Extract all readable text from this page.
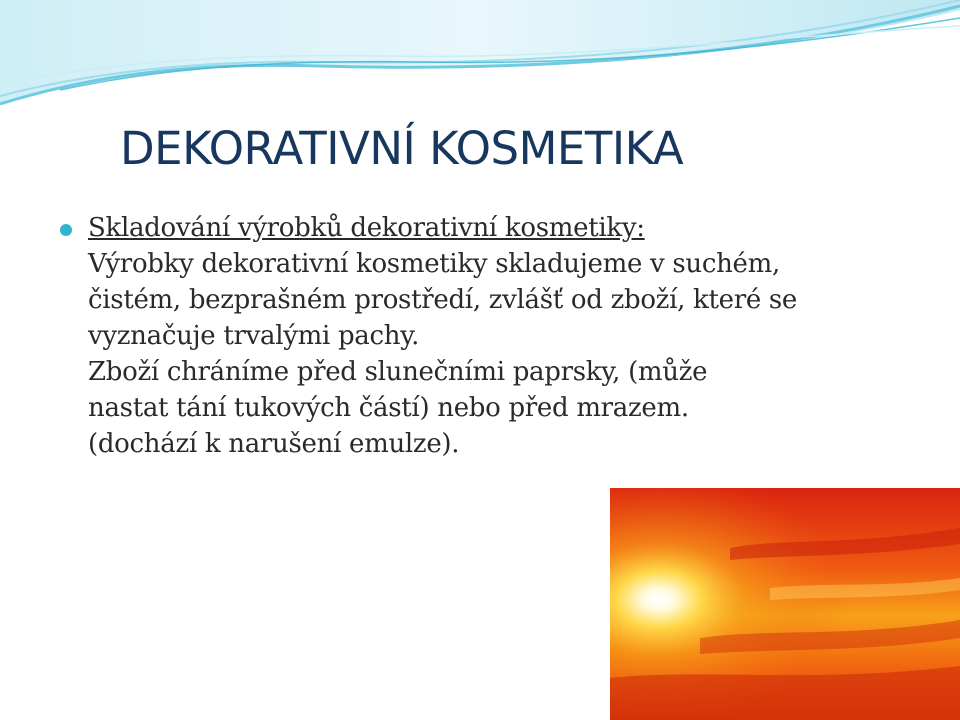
DEKORATIVNÍ KOSMETIKA
Skladování výrobků dekorativní kosmetiky:
Výrobky dekorativní kosmetiky skladujeme v suchém,
čistém, bezprašném prostředí, zvlášť od zboží, které se
vyznačuje trvalými pachy.
Zboží chráníme před slunečními paprsky, (může
nastat tání tukových částí) nebo před mrazem.
(dochází k narušení emulze).
